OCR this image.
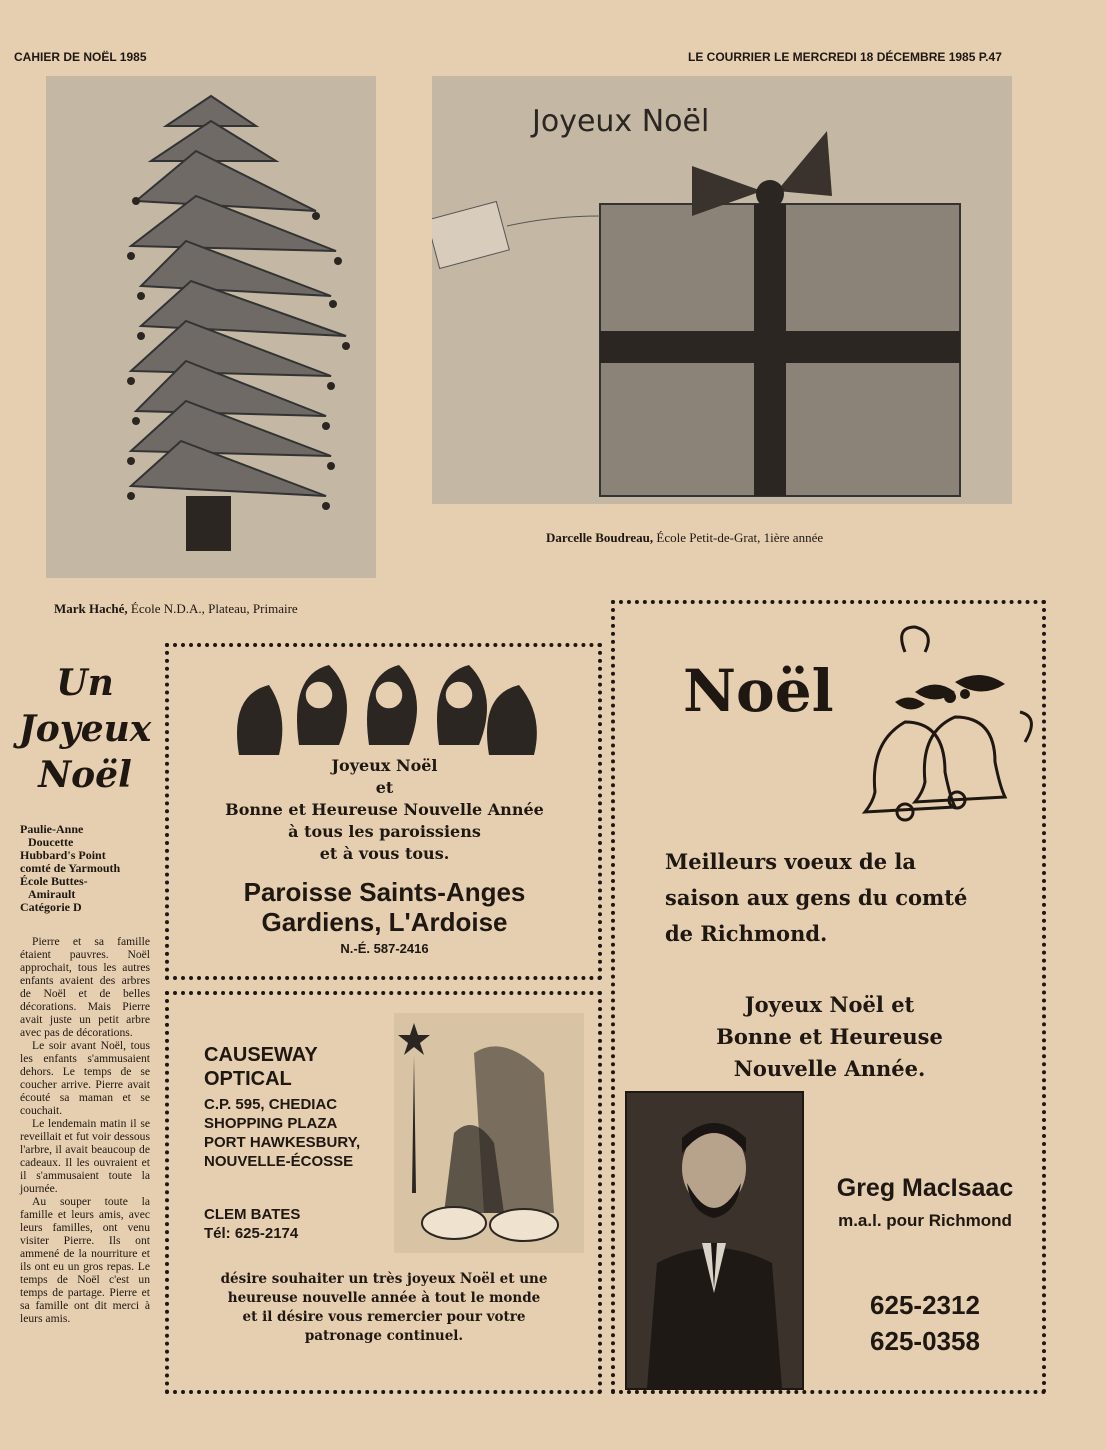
CAHIER DE NOËL 1985	LE COURRIER LE MERCREDI 18 DÉCEMBRE 1985 P.47
Mark Haché, École N.D.A., Plateau, Primaire
Joyeux Noël
Darcelle Boudreau, École Petit-de-Grat, 1ière année
Un
Joyeux
Noël
Paulie-Anne
Doucette
Hubbard's Point
comté de Yarmouth
École Buttes-
Amirault
Catégorie D

Pierre et sa famille étaient pauvres. Noël approchait, tous les autres enfants avaient des arbres de Noël et de belles décorations. Mais Pierre avait juste un petit arbre avec pas de décorations.

Le soir avant Noël, tous les enfants s'ammusaient dehors. Le temps de se coucher arrive. Pierre avait écouté sa maman et se couchait.

Le lendemain matin il se reveillait et fut voir dessous l'arbre, il avait beaucoup de cadeaux. Il les ouvraient et il s'ammusaient toute la journée.

Au souper toute la famille et leurs amis, avec leurs familles, ont venu visiter Pierre. Ils ont ammené de la nourriture et ils ont eu un gros repas. Le temps de Noël c'est un temps de partage. Pierre et sa famille ont dit merci à leurs amis.

Joyeux Noël
et
Bonne et Heureuse Nouvelle Année
à tous les paroissiens
et à vous tous.
Paroisse Saints-Anges
Gardiens, L'Ardoise
N.-É. 587-2416
CAUSEWAY
OPTICAL
C.P. 595, CHEDIAC
SHOPPING PLAZA
PORT HAWKESBURY,
NOUVELLE-ÉCOSSE
CLEM BATES
Tél: 625-2174
désire souhaiter un très joyeux Noël et une heureuse nouvelle année à tout le monde et il désire vous remercier pour votre patronage continuel.
Noël
Meilleurs voeux de la saison aux gens du comté de Richmond.
Joyeux Noël et
Bonne et Heureuse
Nouvelle Année.
Greg MacIsaac
m.a.l. pour Richmond
625-2312
625-0358
